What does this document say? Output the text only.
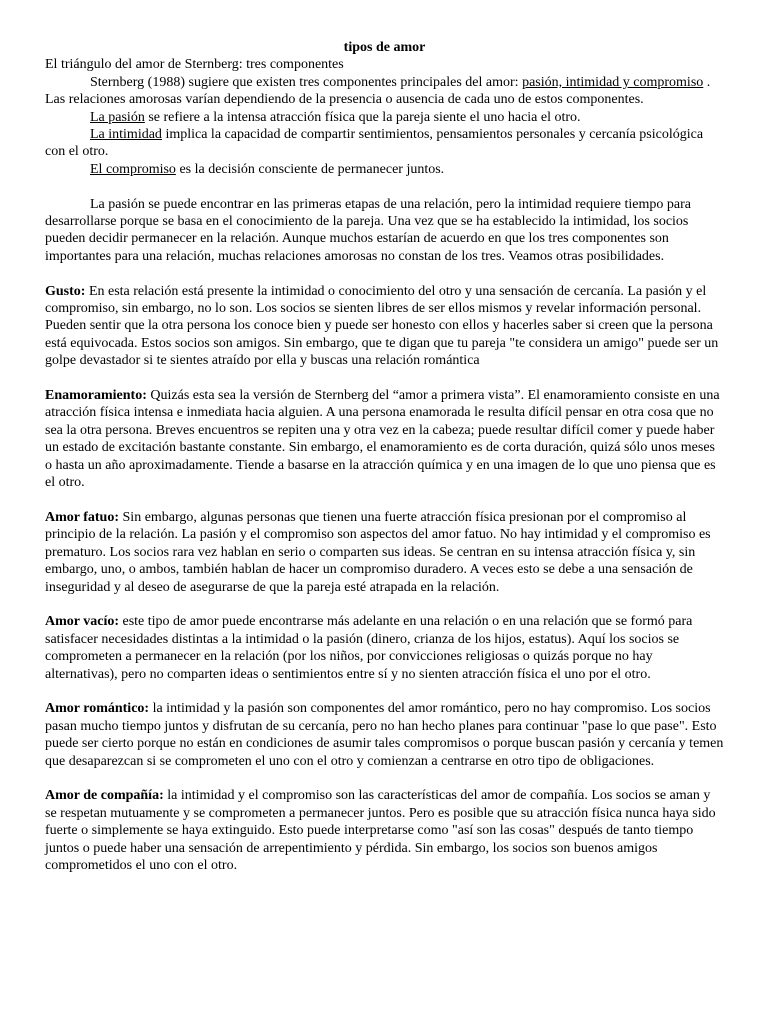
tipos de amor

El triángulo del amor de Sternberg: tres componentes

Sternberg (1988) sugiere que existen tres componentes principales del amor: pasión, intimidad y compromiso . Las relaciones amorosas varían dependiendo de la presencia o ausencia de cada uno de estos componentes.

La pasión se refiere a la intensa atracción física que la pareja siente el uno hacia el otro.

La intimidad implica la capacidad de compartir sentimientos, pensamientos personales y cercanía psicológica con el otro.

El compromiso es la decisión consciente de permanecer juntos.

La pasión se puede encontrar en las primeras etapas de una relación, pero la intimidad requiere tiempo para desarrollarse porque se basa en el conocimiento de la pareja. Una vez que se ha establecido la intimidad, los socios pueden decidir permanecer en la relación. Aunque muchos estarían de acuerdo en que los tres componentes son importantes para una relación, muchas relaciones amorosas no constan de los tres. Veamos otras posibilidades.

Gusto: En esta relación está presente la intimidad o conocimiento del otro y una sensación de cercanía. La pasión y el compromiso, sin embargo, no lo son. Los socios se sienten libres de ser ellos mismos y revelar información personal. Pueden sentir que la otra persona los conoce bien y puede ser honesto con ellos y hacerles saber si creen que la persona está equivocada. Estos socios son amigos. Sin embargo, que te digan que tu pareja "te considera un amigo" puede ser un golpe devastador si te sientes atraído por ella y buscas una relación romántica

Enamoramiento: Quizás esta sea la versión de Sternberg del “amor a primera vista”. El enamoramiento consiste en una atracción física intensa e inmediata hacia alguien. A una persona enamorada le resulta difícil pensar en otra cosa que no sea la otra persona. Breves encuentros se repiten una y otra vez en la cabeza; puede resultar difícil comer y puede haber un estado de excitación bastante constante. Sin embargo, el enamoramiento es de corta duración, quizá sólo unos meses o hasta un año aproximadamente. Tiende a basarse en la atracción química y en una imagen de lo que uno piensa que es el otro.

Amor fatuo: Sin embargo, algunas personas que tienen una fuerte atracción física presionan por el compromiso al principio de la relación. La pasión y el compromiso son aspectos del amor fatuo. No hay intimidad y el compromiso es prematuro. Los socios rara vez hablan en serio o comparten sus ideas. Se centran en su intensa atracción física y, sin embargo, uno, o ambos, también hablan de hacer un compromiso duradero. A veces esto se debe a una sensación de inseguridad y al deseo de asegurarse de que la pareja esté atrapada en la relación.

Amor vacío: este tipo de amor puede encontrarse más adelante en una relación o en una relación que se formó para satisfacer necesidades distintas a la intimidad o la pasión (dinero, crianza de los hijos, estatus). Aquí los socios se comprometen a permanecer en la relación (por los niños, por convicciones religiosas o quizás porque no hay alternativas), pero no comparten ideas o sentimientos entre sí y no sienten atracción física el uno por el otro.

Amor romántico: la intimidad y la pasión son componentes del amor romántico, pero no hay compromiso. Los socios pasan mucho tiempo juntos y disfrutan de su cercanía, pero no han hecho planes para continuar "pase lo que pase". Esto puede ser cierto porque no están en condiciones de asumir tales compromisos o porque buscan pasión y cercanía y temen que desaparezcan si se comprometen el uno con el otro y comienzan a centrarse en otro tipo de obligaciones.

Amor de compañía: la intimidad y el compromiso son las características del amor de compañía. Los socios se aman y se respetan mutuamente y se comprometen a permanecer juntos. Pero es posible que su atracción física nunca haya sido fuerte o simplemente se haya extinguido. Esto puede interpretarse como "así son las cosas" después de tanto tiempo juntos o puede haber una sensación de arrepentimiento y pérdida. Sin embargo, los socios son buenos amigos comprometidos el uno con el otro.
